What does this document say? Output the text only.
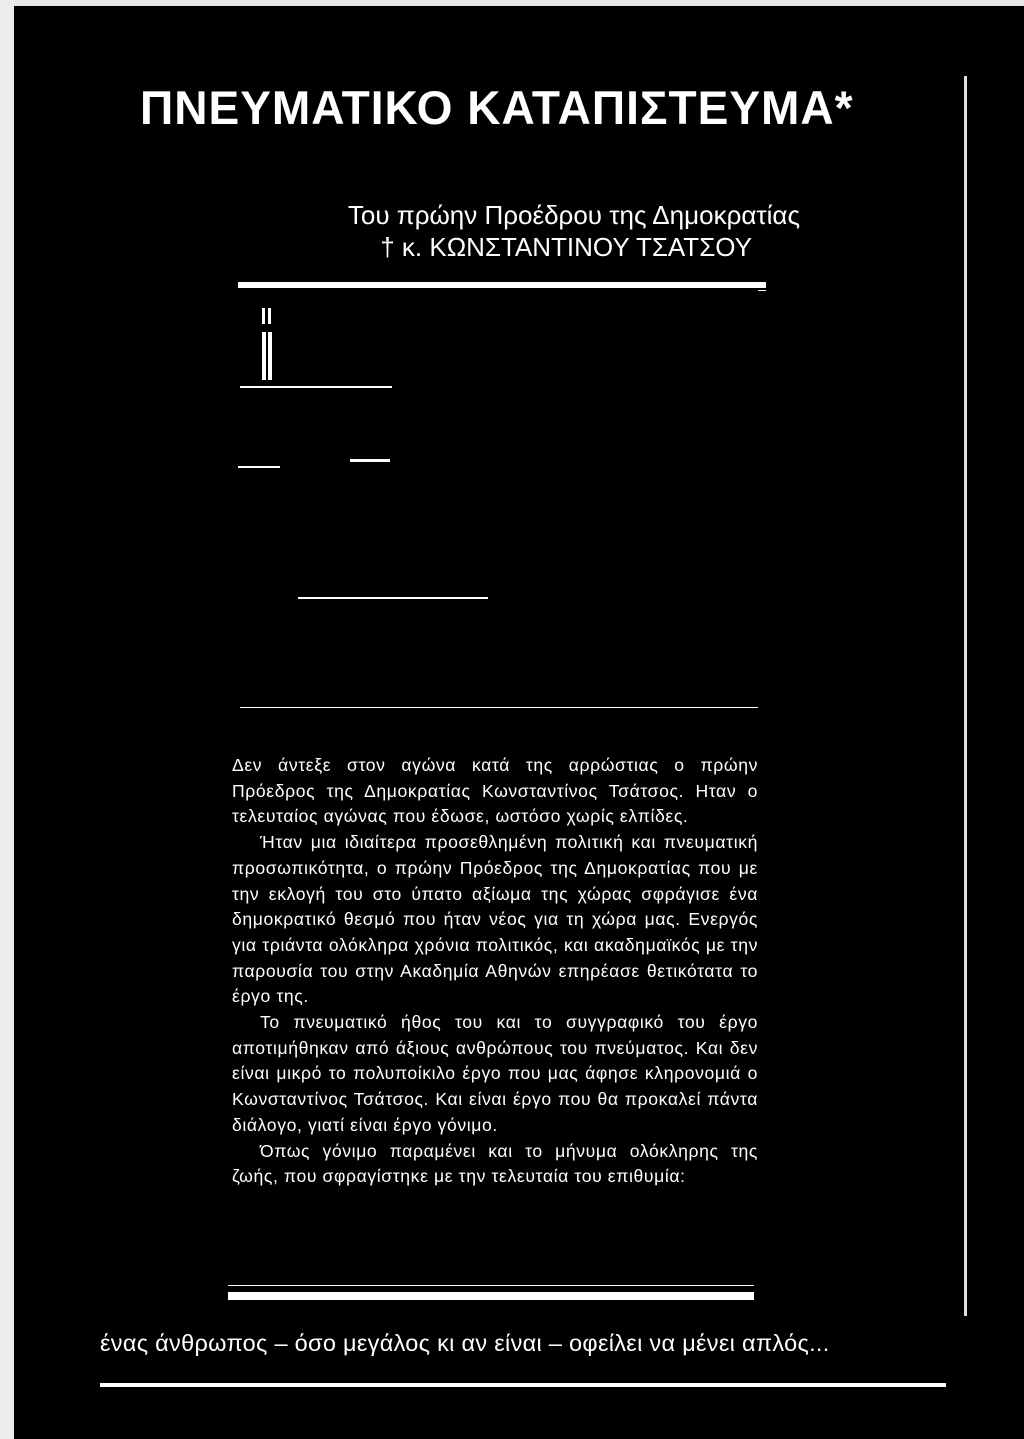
ΠΝΕΥΜΑΤΙΚΟ ΚΑΤΑΠΙΣΤΕΥΜΑ*
Του πρώην Προέδρου της Δημοκρατίας

† κ. ΚΩΝΣΤΑΝΤΙΝΟΥ ΤΣΑΤΣΟΥ

Δεν άντεξε στον αγώνα κατά της αρρώστιας ο πρώην Πρόεδρος της Δημοκρατίας Κωνσταντίνος Τσάτσος. Ηταν ο τελευταίος αγώνας που έδωσε, ωστόσο χωρίς ελπίδες.

Ήταν μια ιδιαίτερα προσεθλημένη πολιτική και πνευματική προσωπικότητα, ο πρώην Πρόεδρος της Δημοκρατίας που με την εκλογή του στο ύπατο αξίωμα της χώρας σφράγισε ένα δημοκρατικό θεσμό που ήταν νέος για τη χώρα μας. Ενεργός για τριάντα ολόκληρα χρόνια πολιτικός, και ακαδημαϊκός με την παρουσία του στην Ακαδημία Αθηνών επηρέασε θετικότατα το έργο της.

Το πνευματικό ήθος του και το συγγραφικό του έργο αποτιμήθηκαν από άξιους ανθρώπους του πνεύματος. Και δεν είναι μικρό το πολυποίκιλο έργο που μας άφησε κληρονομιά ο Κωνσταντίνος Τσάτσος. Και είναι έργο που θα προκαλεί πάντα διάλογο, γιατί είναι έργο γόνιμο.

Όπως γόνιμο παραμένει και το μήνυμα ολόκληρης της ζωής, που σφραγίστηκε με την τελευταία του επιθυμία:

ένας άνθρωπος – όσο μεγάλος κι αν είναι – οφείλει να μένει απλός...
